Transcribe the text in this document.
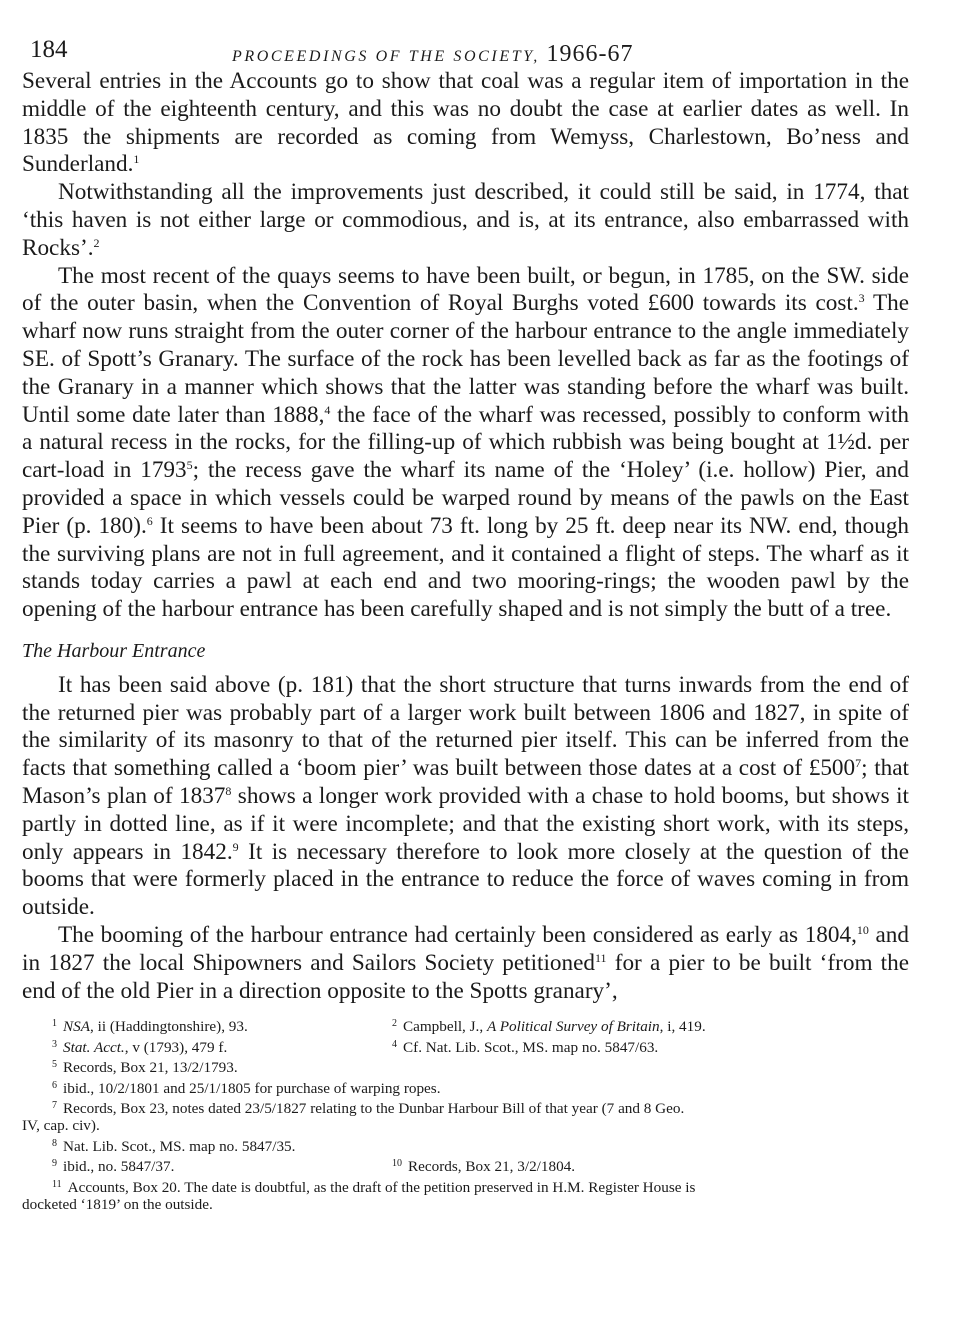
184	PROCEEDINGS OF THE SOCIETY, 1966-67

Several entries in the Accounts go to show that coal was a regular item of importation in the middle of the eighteenth century, and this was no doubt the case at earlier dates as well. In 1835 the shipments are recorded as coming from Wemyss, Charlestown, Bo’ness and Sunderland.$^1$

Notwithstanding all the improvements just described, it could still be said, in 1774, that ‘this haven is not either large or commodious, and is, at its entrance, also embarrassed with Rocks’.$^2$

The most recent of the quays seems to have been built, or begun, in 1785, on the SW. side of the outer basin, when the Convention of Royal Burghs voted £600 towards its cost.$^3$ The wharf now runs straight from the outer corner of the harbour entrance to the angle immediately SE. of Spott’s Granary. The surface of the rock has been levelled back as far as the footings of the Granary in a manner which shows that the latter was standing before the wharf was built. Until some date later than 1888,$^4$ the face of the wharf was recessed, possibly to conform with a natural recess in the rocks, for the filling-up of which rubbish was being bought at 1½d. per cart-load in 1793$^5$; the recess gave the wharf its name of the ‘Holey’ (i.e. hollow) Pier, and provided a space in which vessels could be warped round by means of the pawls on the East Pier (p. 180).$^6$ It seems to have been about 73 ft. long by 25 ft. deep near its NW. end, though the surviving plans are not in full agreement, and it contained a flight of steps. The wharf as it stands today carries a pawl at each end and two mooring-rings; the wooden pawl by the opening of the harbour entrance has been carefully shaped and is not simply the butt of a tree.

The Harbour Entrance

It has been said above (p. 181) that the short structure that turns inwards from the end of the returned pier was probably part of a larger work built between 1806 and 1827, in spite of the similarity of its masonry to that of the returned pier itself. This can be inferred from the facts that something called a ‘boom pier’ was built between those dates at a cost of $£500^7$; that Mason’s plan of 1837$^8$ shows a longer work provided with a chase to hold booms, but shows it partly in dotted line, as if it were incomplete; and that the existing short work, with its steps, only appears in 1842.$^9$ It is necessary therefore to look more closely at the question of the booms that were formerly placed in the entrance to reduce the force of waves coming in from outside.

The booming of the harbour entrance had certainly been considered as early as 1804,10 and in 1827 the local Shipowners and Sailors Society petitioned$^{11}$ for a pier to be built ‘from the end of the old Pier in a direction opposite to the Spotts granary’,

$^1$ NSA, ii (Haddingtonshire), 93.	$^2$ Campbell, J., A Political Survey of Britain, i, 419.
$^3$ Stat. Acct., v (1793), 479 f.	$^4$ Cf. Nat. Lib. Scot., MS. map no. 5847/63.
$^5$ Records, Box 21, 13/2/1793.
$^6$ ibid., 10/2/1801 and 25/1/1805 for purchase of warping ropes.
$^7$ Records, Box 23, notes dated 23/5/1827 relating to the Dunbar Harbour Bill of that year (7 and 8 Geo.
IV, cap. civ).
$^8$ Nat. Lib. Scot., MS. map no. 5847/35.
$^9$ ibid., no. 5847/37.	$^{10}$ Records, Box 21, 3/2/1804.
$^{11}$ Accounts, Box 20. The date is doubtful, as the draft of the petition preserved in H.M. Register House is
docketed ‘1819’ on the outside.
